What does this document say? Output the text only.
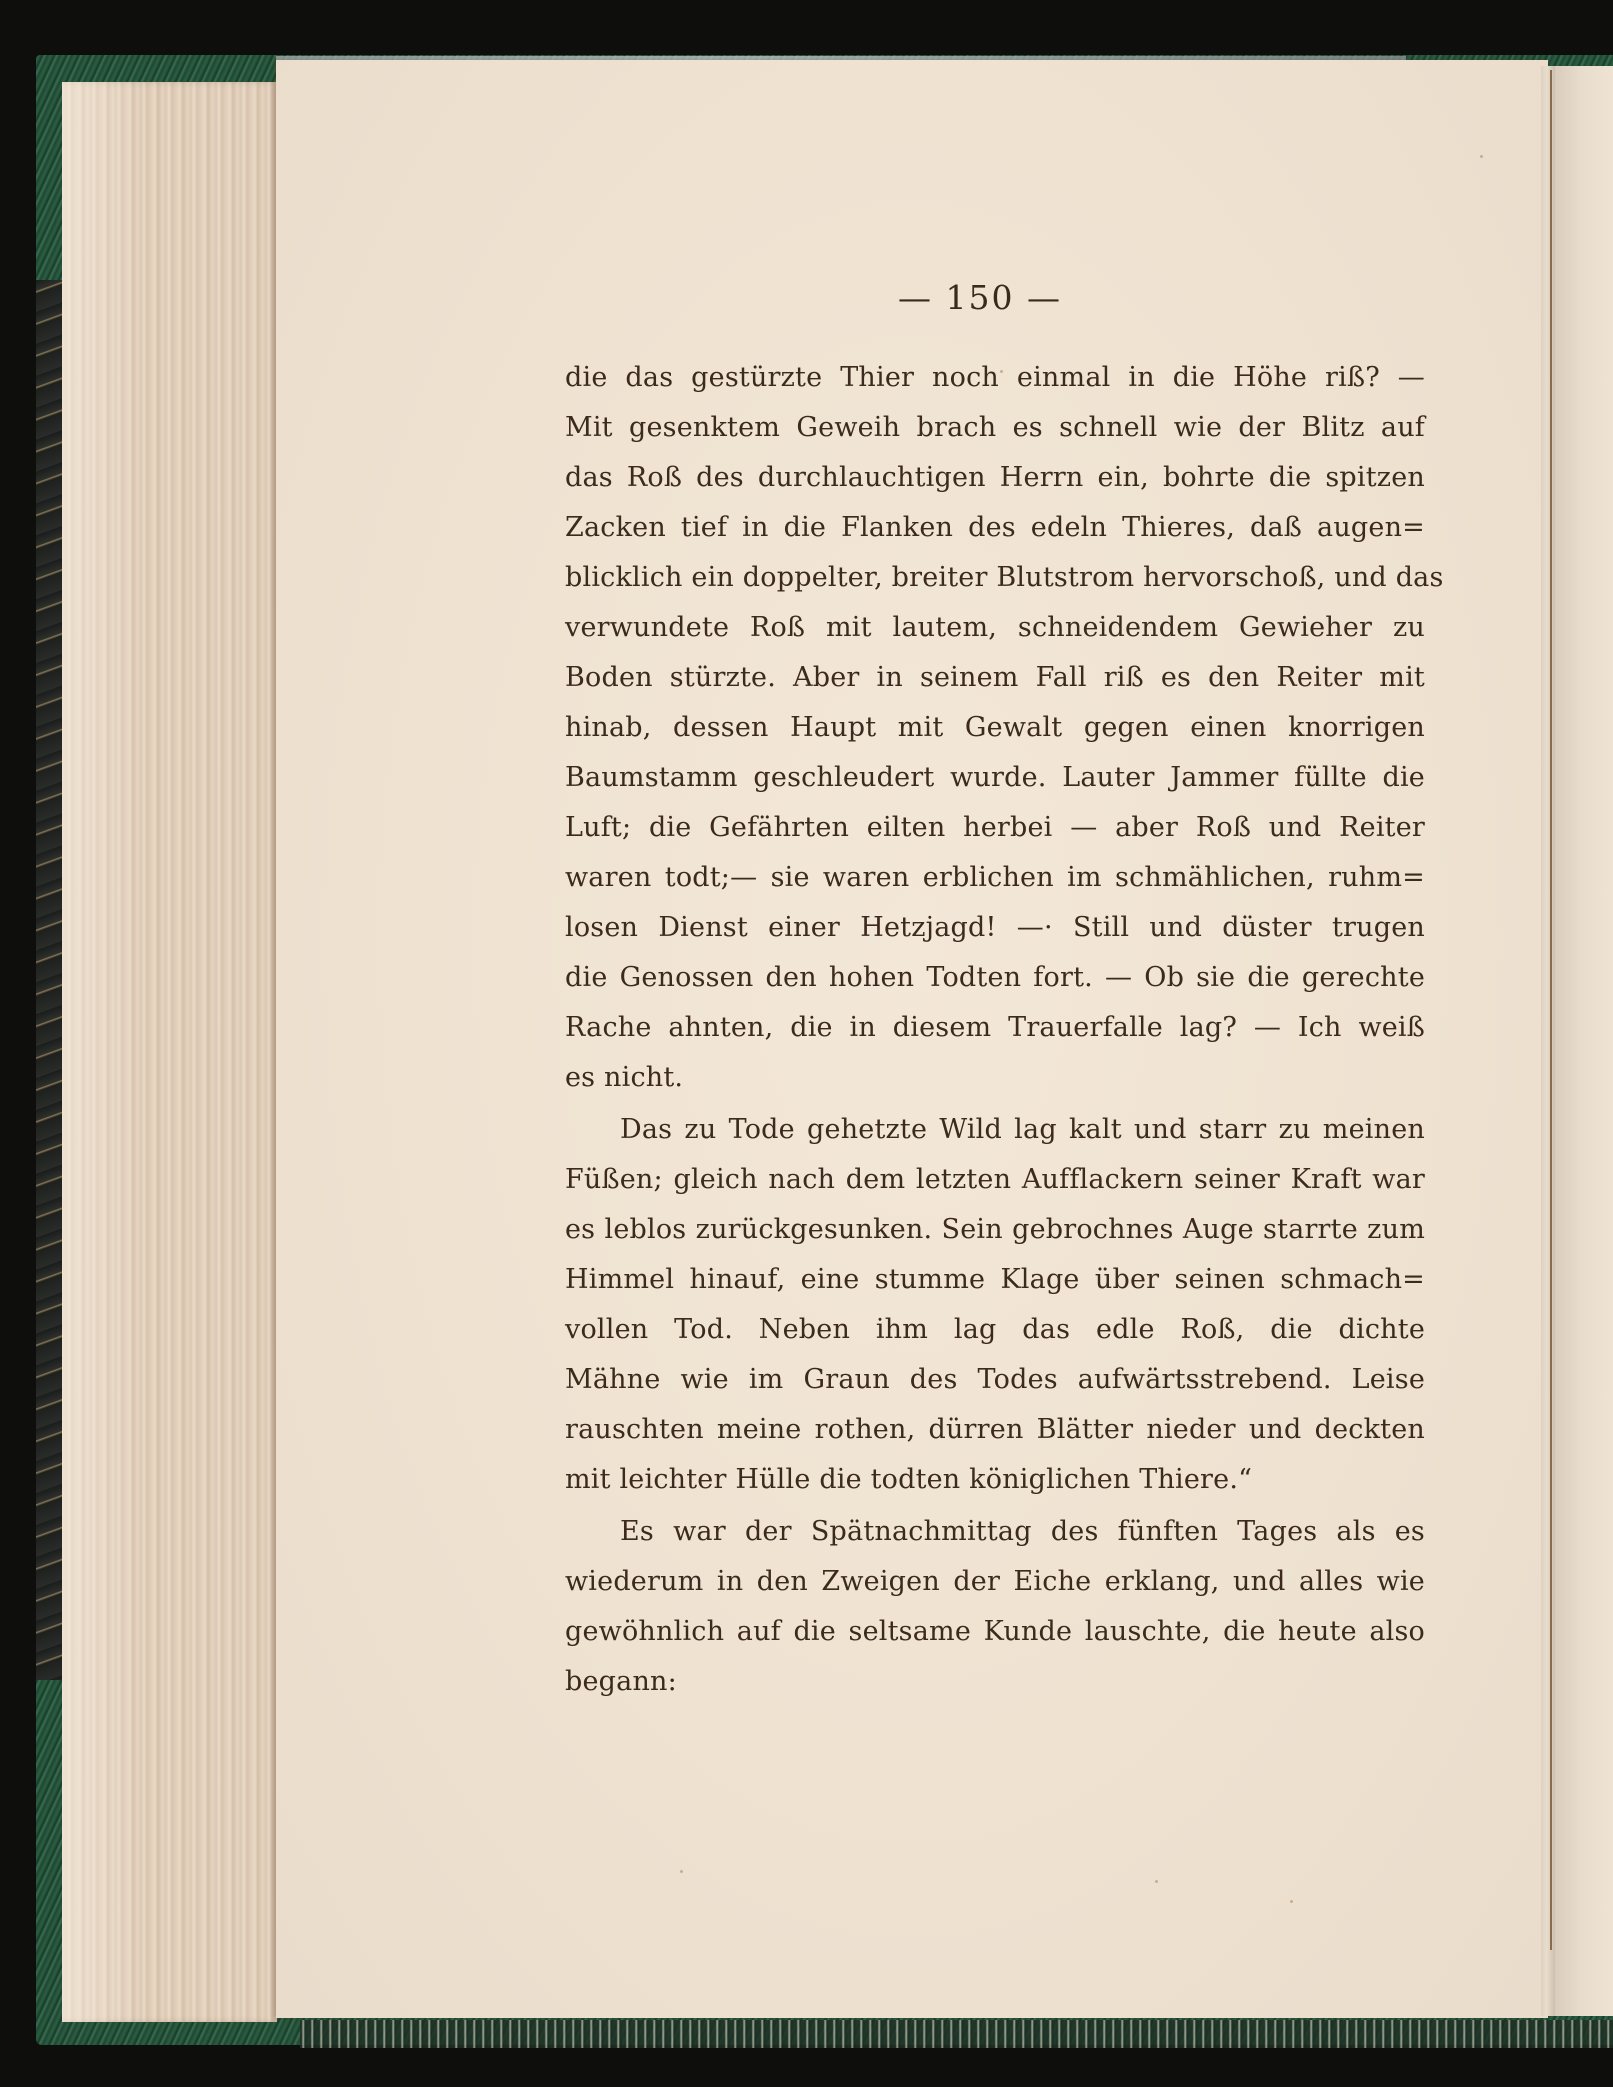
— 150 —
die das gestürzte Thier noch einmal in die Höhe riß? —
Mit gesenktem Geweih brach es schnell wie der Blitz auf
das Roß des durchlauchtigen Herrn ein, bohrte die spitzen
Zacken tief in die Flanken des edeln Thieres, daß augen=
blicklich ein doppelter, breiter Blutstrom hervorschoß, und das
verwundete Roß mit lautem, schneidendem Gewieher zu
Boden stürzte. Aber in seinem Fall riß es den Reiter mit
hinab, dessen Haupt mit Gewalt gegen einen knorrigen
Baumstamm geschleudert wurde. Lauter Jammer füllte die
Luft; die Gefährten eilten herbei — aber Roß und Reiter
waren todt;— sie waren erblichen im schmählichen, ruhm=
losen Dienst einer Hetzjagd! —· Still und düster trugen
die Genossen den hohen Todten fort. — Ob sie die gerechte
Rache ahnten, die in diesem Trauerfalle lag? — Ich weiß
es nicht.
Das zu Tode gehetzte Wild lag kalt und starr zu meinen
Füßen; gleich nach dem letzten Aufflackern seiner Kraft war
es leblos zurückgesunken. Sein gebrochnes Auge starrte zum
Himmel hinauf, eine stumme Klage über seinen schmach=
vollen Tod. Neben ihm lag das edle Roß, die dichte
Mähne wie im Graun des Todes aufwärtsstrebend. Leise
rauschten meine rothen, dürren Blätter nieder und deckten
mit leichter Hülle die todten königlichen Thiere.“
Es war der Spätnachmittag des fünften Tages als es
wiederum in den Zweigen der Eiche erklang, und alles wie
gewöhnlich auf die seltsame Kunde lauschte, die heute also
begann:
